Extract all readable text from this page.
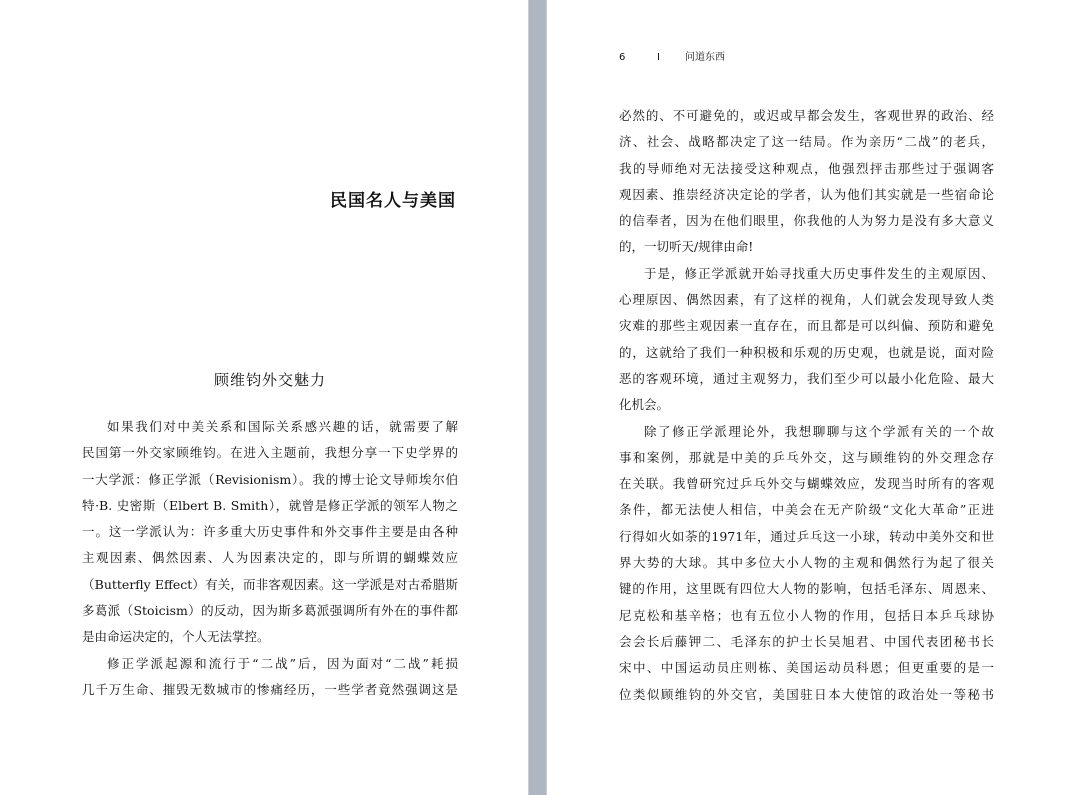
民国名人与美国
顾维钧外交魅力
如果我们对中美关系和国际关系感兴趣的话，就需要了解
民国第一外交家顾维钧。在进入主题前，我想分享一下史学界的
一大学派：修正学派（Revisionism）。我的博士论文导师埃尔伯
特·B. 史密斯（Elbert B. Smith），就曾是修正学派的领军人物之
一。这一学派认为：许多重大历史事件和外交事件主要是由各种
主观因素、偶然因素、人为因素决定的，即与所谓的蝴蝶效应
（Butterfly Effect）有关，而非客观因素。这一学派是对古希腊斯
多葛派（Stoicism）的反动，因为斯多葛派强调所有外在的事件都
是由命运决定的，个人无法掌控。
修正学派起源和流行于“二战”后，因为面对“二战”耗损
几千万生命、摧毁无数城市的惨痛经历，一些学者竟然强调这是
6	I	问道东西
必然的、不可避免的，或迟或早都会发生，客观世界的政治、经
济、社会、战略都决定了这一结局。作为亲历“二战”的老兵，
我的导师绝对无法接受这种观点，他强烈抨击那些过于强调客
观因素、推崇经济决定论的学者，认为他们其实就是一些宿命论
的信奉者，因为在他们眼里，你我他的人为努力是没有多大意义
的，一切听天/规律由命!
于是，修正学派就开始寻找重大历史事件发生的主观原因、
心理原因、偶然因素，有了这样的视角，人们就会发现导致人类
灾难的那些主观因素一直存在，而且都是可以纠偏、预防和避免
的，这就给了我们一种积极和乐观的历史观，也就是说，面对险
恶的客观环境，通过主观努力，我们至少可以最小化危险、最大
化机会。
除了修正学派理论外，我想聊聊与这个学派有关的一个故
事和案例，那就是中美的乒乓外交，这与顾维钧的外交理念存
在关联。我曾研究过乒乓外交与蝴蝶效应，发现当时所有的客观
条件，都无法使人相信，中美会在无产阶级“文化大革命”正进
行得如火如荼的1971年，通过乒乓这一小球，转动中美外交和世
界大势的大球。其中多位大小人物的主观和偶然行为起了很关
键的作用，这里既有四位大人物的影响，包括毛泽东、周恩来、
尼克松和基辛格；也有五位小人物的作用，包括日本乒乓球协
会会长后藤钾二、毛泽东的护士长吴旭君、中国代表团秘书长
宋中、中国运动员庄则栋、美国运动员科恩；但更重要的是一
位类似顾维钧的外交官，美国驻日本大使馆的政治处一等秘书
